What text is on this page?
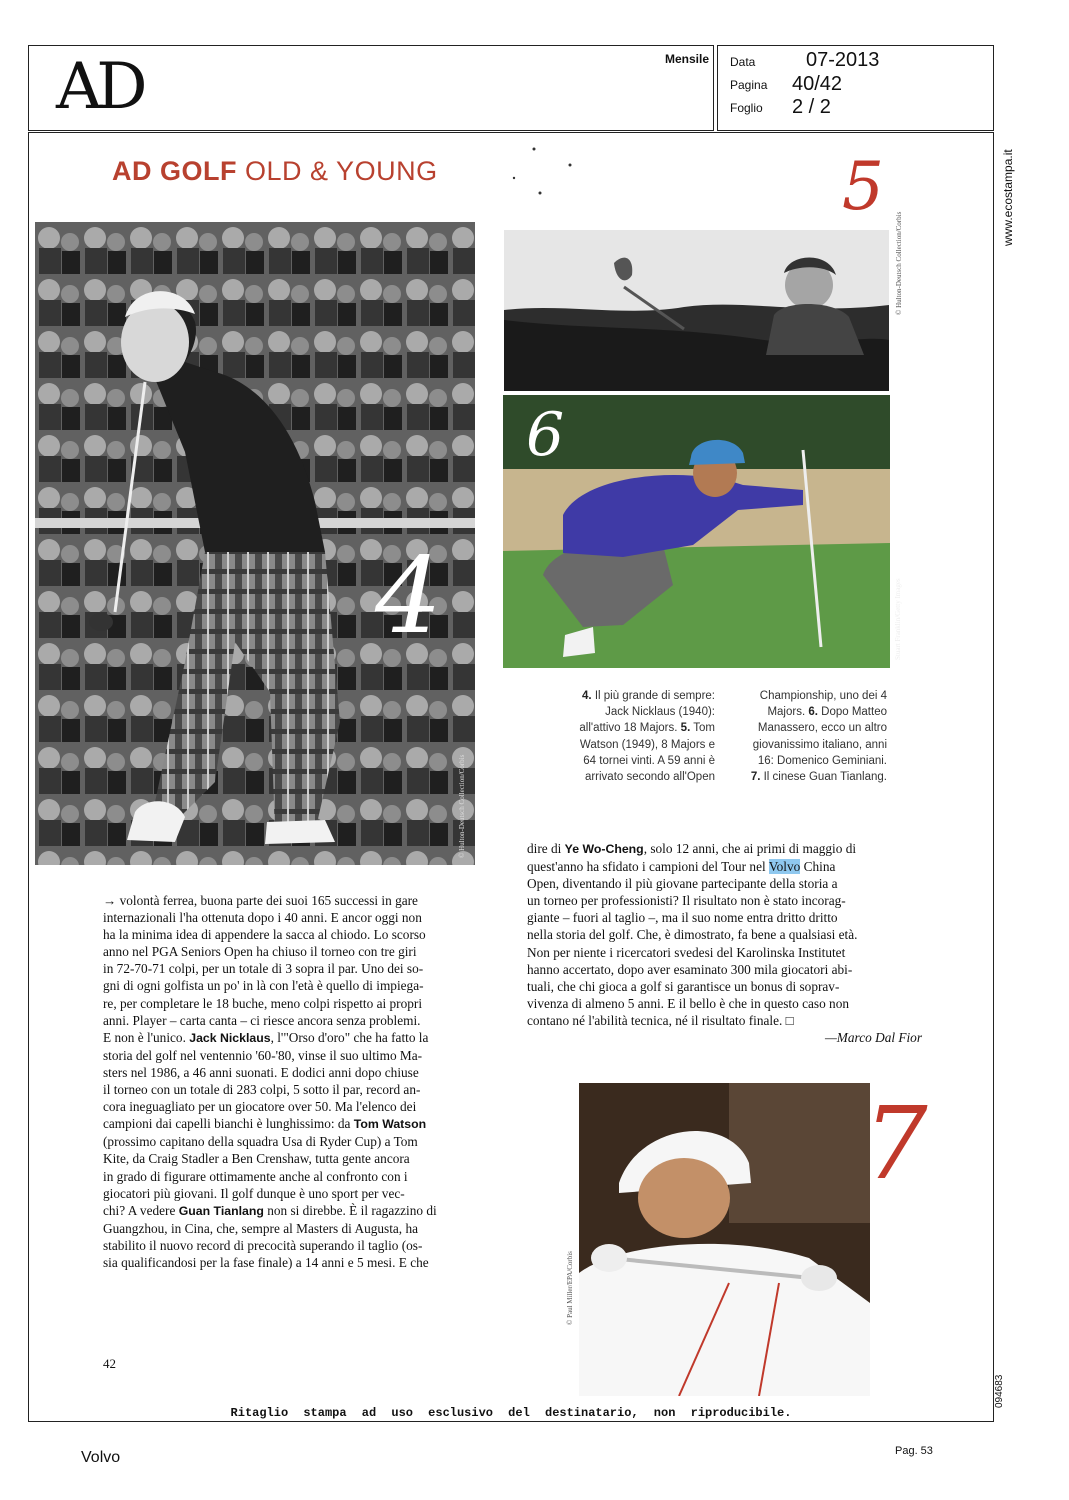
AD	Mensile Data	07-2013
Pagina 40/42
Foglio 2 / 2
www.ecostampa.it
094683
AD GOLF OLD & YOUNG
4
© Hulton-Deutsch Collection/Corbis
5
© Hulton-Deutsch Collection/Corbis
6
Stuart Franklin/Getty Images
4. Il più grande di sempre:
Jack Nicklaus (1940):
all'attivo 18 Majors. 5. Tom
Watson (1949), 8 Majors e
64 tornei vinti. A 59 anni è
arrivato secondo all'Open
Championship, uno dei 4
Majors. 6. Dopo Matteo
Manassero, ecco un altro
giovanissimo italiano, anni
16: Domenico Geminiani.
7. Il cinese Guan Tianlang.
→ volontà ferrea, buona parte dei suoi 165 successi in gare
internazionali l'ha ottenuta dopo i 40 anni. E ancor oggi non
ha la minima idea di appendere la sacca al chiodo. Lo scorso
anno nel PGA Seniors Open ha chiuso il torneo con tre giri
in 72-70-71 colpi, per un totale di 3 sopra il par. Uno dei so-
gni di ogni golfista un po' in là con l'età è quello di impiega-
re, per completare le 18 buche, meno colpi rispetto ai propri
anni. Player – carta canta – ci riesce ancora senza problemi.
E non è l'unico. Jack Nicklaus, l'"Orso d'oro" che ha fatto la
storia del golf nel ventennio '60-'80, vinse il suo ultimo Ma-
sters nel 1986, a 46 anni suonati. E dodici anni dopo chiuse
il torneo con un totale di 283 colpi, 5 sotto il par, record an-
cora ineguagliato per un giocatore over 50. Ma l'elenco dei
campioni dai capelli bianchi è lunghissimo: da Tom Watson
(prossimo capitano della squadra Usa di Ryder Cup) a Tom
Kite, da Craig Stadler a Ben Crenshaw, tutta gente ancora
in grado di figurare ottimamente anche al confronto con i
giocatori più giovani. Il golf dunque è uno sport per vec-
chi? A vedere Guan Tianlang non si direbbe. È il ragazzino di
Guangzhou, in Cina, che, sempre al Masters di Augusta, ha
stabilito il nuovo record di precocità superando il taglio (os-
sia qualificandosi per la fase finale) a 14 anni e 5 mesi. E che
dire di Ye Wo-Cheng, solo 12 anni, che ai primi di maggio di
quest'anno ha sfidato i campioni del Tour nel Volvo China
Open, diventando il più giovane partecipante della storia a
un torneo per professionisti? Il risultato non è stato incorag-
giante – fuori al taglio –, ma il suo nome entra dritto dritto
nella storia del golf. Che, è dimostrato, fa bene a qualsiasi età.
Non per niente i ricercatori svedesi del Karolinska Institutet
hanno accertato, dopo aver esaminato 300 mila giocatori abi-
tuali, che chi gioca a golf si garantisce un bonus di soprav-
vivenza di almeno 5 anni. E il bello è che in questo caso non
contano né l'abilità tecnica, né il risultato finale. □
—Marco Dal Fior
7
© Paul Miller/EPA/Corbis
42
Ritaglio stampa ad uso esclusivo del destinatario, non riproducibile.
Volvo	Pag. 53
